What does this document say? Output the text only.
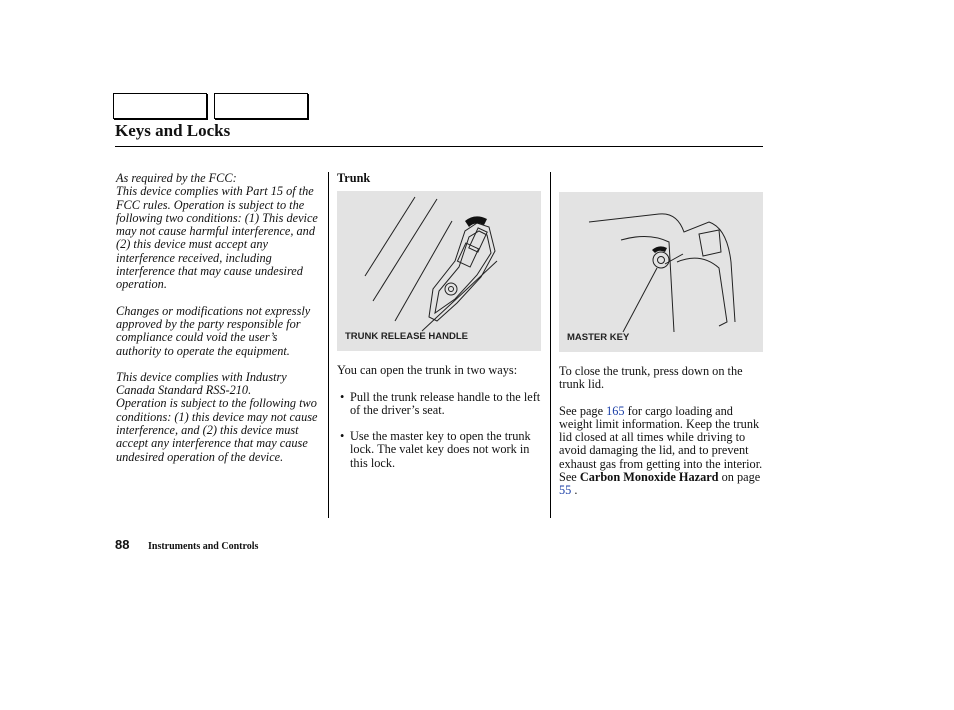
Keys and Locks

As required by the FCC:
This device complies with Part 15 of the FCC rules. Operation is subject to the following two conditions: (1) This device may not cause harmful interference, and (2) this device must accept any interference received, including interference that may cause undesired operation.

Changes or modifications not expressly approved by the party responsible for compliance could void the user’s authority to operate the equipment.

This device complies with Industry Canada Standard RSS-210.
Operation is subject to the following two conditions: (1) this device may not cause interference, and (2) this device must accept any interference that may cause undesired operation of the device.

Trunk
TRUNK RELEASE HANDLE
You can open the trunk in two ways:
• Pull the trunk release handle to the left of the driver’s seat.
• Use the master key to open the trunk lock. The valet key does not work in this lock.
MASTER KEY
To close the trunk, press down on the trunk lid.
See page 165 for cargo loading and weight limit information. Keep the trunk lid closed at all times while driving to avoid damaging the lid, and to prevent exhaust gas from getting into the interior. See Carbon Monoxide Hazard on page 55 .
88 Instruments and Controls
